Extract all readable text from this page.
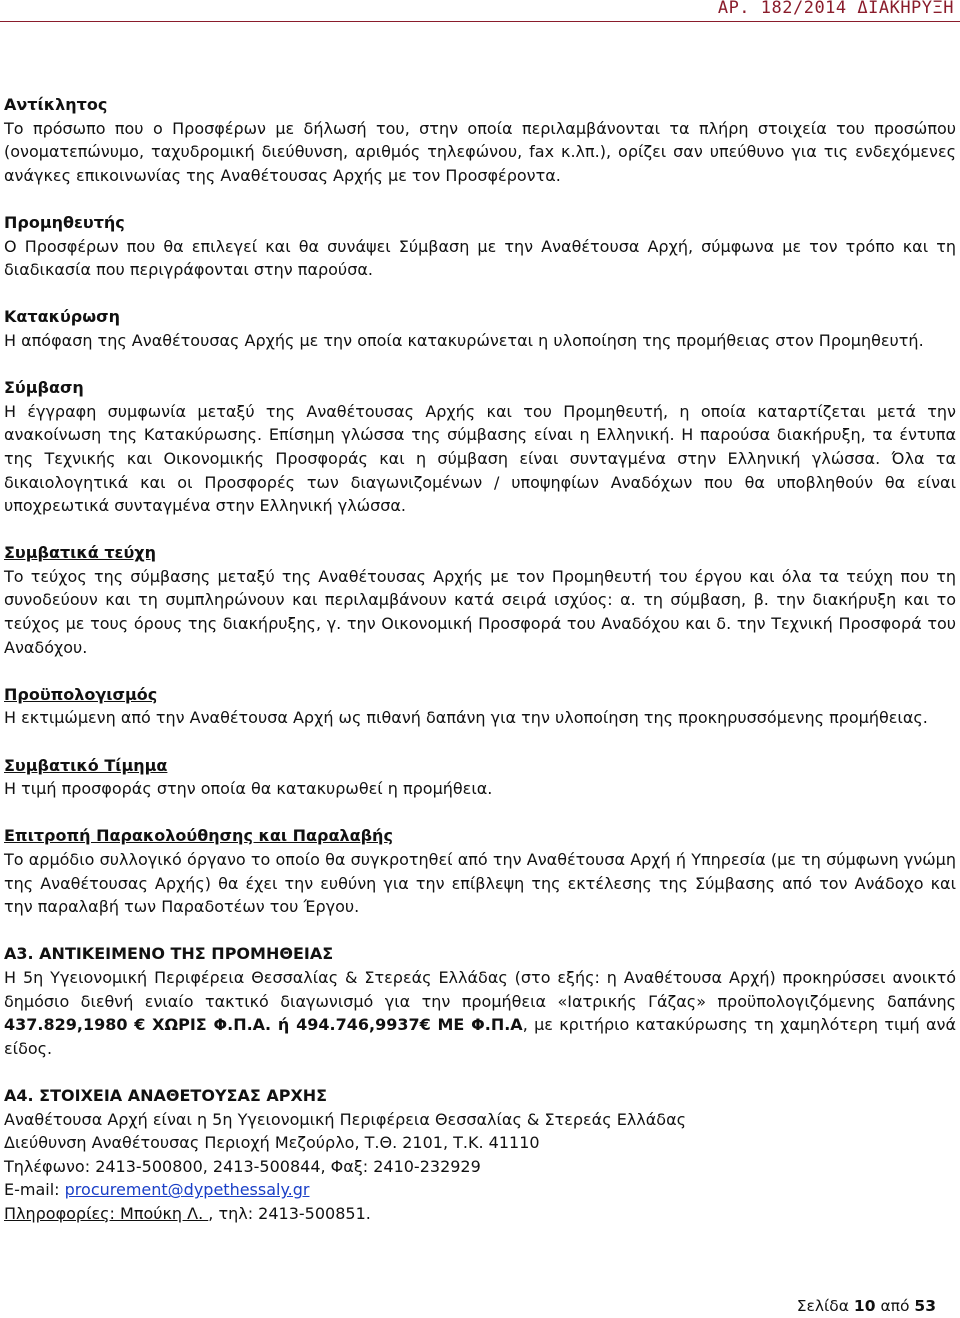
ΑΡ. 182/2014 ΔΙΑΚΗΡΥΞΗ
Αντίκλητος

Το πρόσωπο που ο Προσφέρων με δήλωσή του, στην οποία περιλαμβάνονται τα πλήρη στοιχεία του προσώπου (ονοματεπώνυμο, ταχυδρομική διεύθυνση, αριθμός τηλεφώνου, fax κ.λπ.), ορίζει σαν υπεύθυνο για τις ενδεχόμενες ανάγκες επικοινωνίας της Αναθέτουσας Αρχής με τον Προσφέροντα.

Προμηθευτής

Ο Προσφέρων που θα επιλεγεί και θα συνάψει Σύμβαση με την Αναθέτουσα Αρχή, σύμφωνα με τον τρόπο και τη διαδικασία που περιγράφονται στην παρούσα.

Κατακύρωση

Η απόφαση της Αναθέτουσας Αρχής με την οποία κατακυρώνεται η υλοποίηση της προμήθειας στον Προμηθευτή.

Σύμβαση

Η έγγραφη συμφωνία μεταξύ της Αναθέτουσας Αρχής και του Προμηθευτή, η οποία καταρτίζεται μετά την ανακοίνωση της Κατακύρωσης. Επίσημη γλώσσα της σύμβασης είναι η Ελληνική. Η παρούσα διακήρυξη, τα έντυπα της Τεχνικής και Οικονομικής Προσφοράς και η σύμβαση είναι συνταγμένα στην Ελληνική γλώσσα. Όλα τα δικαιολογητικά και οι Προσφορές των διαγωνιζομένων / υποψηφίων Αναδόχων που θα υποβληθούν θα είναι υποχρεωτικά συνταγμένα στην Ελληνική γλώσσα.

Συμβατικά τεύχη

Το τεύχος της σύμβασης μεταξύ της Αναθέτουσας Αρχής με τον Προμηθευτή του έργου και όλα τα τεύχη που τη συνοδεύουν και τη συμπληρώνουν και περιλαμβάνουν κατά σειρά ισχύος: α. τη σύμβαση, β. την διακήρυξη και το τεύχος με τους όρους της διακήρυξης, γ. την Οικονομική Προσφορά του Αναδόχου και δ. την Τεχνική Προσφορά του Αναδόχου.

Προϋπολογισμός

Η εκτιμώμενη από την Αναθέτουσα Αρχή ως πιθανή δαπάνη για την υλοποίηση της προκηρυσσόμενης προμήθειας.

Συμβατικό Τίμημα

Η τιμή προσφοράς στην οποία θα κατακυρωθεί η προμήθεια.

Επιτροπή Παρακολούθησης και Παραλαβής

Το αρμόδιο συλλογικό όργανο το οποίο θα συγκροτηθεί από την Αναθέτουσα Αρχή ή Υπηρεσία (με τη σύμφωνη γνώμη της Αναθέτουσας Αρχής) θα έχει την ευθύνη για την επίβλεψη της εκτέλεσης της Σύμβασης από τον Ανάδοχο και την παραλαβή των Παραδοτέων του Έργου.

Α3. ΑΝΤΙΚΕΙΜΕΝΟ ΤΗΣ ΠΡΟΜΗΘΕΙΑΣ

Η 5η Υγειονομική Περιφέρεια Θεσσαλίας & Στερεάς Ελλάδας (στο εξής: η Αναθέτουσα Αρχή) προκηρύσσει ανοικτό δημόσιο διεθνή ενιαίο τακτικό διαγωνισμό για την προμήθεια «Ιατρικής Γάζας» προϋπολογιζόμενης δαπάνης 437.829,1980 € ΧΩΡΙΣ Φ.Π.Α. ή 494.746,9937€ ΜΕ Φ.Π.Α, με κριτήριο κατακύρωσης τη χαμηλότερη τιμή ανά είδος.

Α4. ΣΤΟΙΧΕΙΑ ΑΝΑΘΕΤΟΥΣΑΣ ΑΡΧΗΣ
Αναθέτουσα Αρχή είναι η 5η Υγειονομική Περιφέρεια Θεσσαλίας & Στερεάς Ελλάδας
Διεύθυνση Αναθέτουσας Περιοχή Μεζούρλο, Τ.Θ. 2101, Τ.Κ. 41110
Τηλέφωνο: 2413-500800, 2413-500844, Φαξ: 2410-232929
E-mail: procurement@dypethessaly.gr
Πληροφορίες: Μπούκη Λ. , τηλ: 2413-500851.
Σελίδα 10 από 53
